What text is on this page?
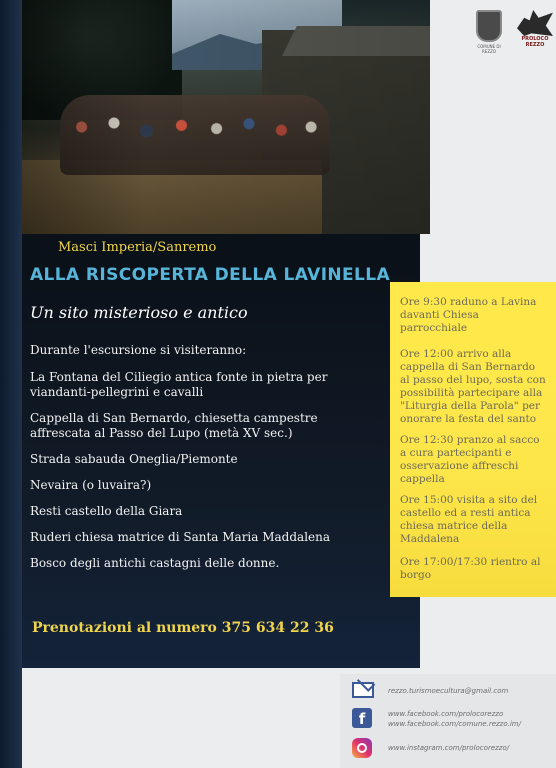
COMUNE DI REZZO
PROLOCO
REZZO
Masci Imperia/Sanremo
ALLA RISCOPERTA DELLA LAVINELLA
Un sito misterioso e antico
Durante l'escursione si visiteranno:
La Fontana del Ciliegio antica fonte in pietra per viandanti-pellegrini e cavalli
Cappella di San Bernardo, chiesetta campestre affrescata al Passo del Lupo (metà XV sec.)
Strada sabauda Oneglia/Piemonte
Nevaira (o luvaira?)
Resti castello della Giara
Ruderi chiesa matrice di Santa Maria Maddalena
Bosco degli antichi castagni delle donne.
Prenotazioni al numero 375 634 22 36
Ore 9:30 raduno a Lavina davanti Chiesa parrocchiale
Ore 12:00 arrivo alla cappella di San Bernardo al passo del lupo, sosta con possibilità partecipare alla "Liturgia della Parola" per onorare la festa del santo
Ore 12:30 pranzo al sacco a cura partecipanti e osservazione affreschi cappella
Ore 15:00 visita a sito del castello ed a resti antica chiesa matrice della Maddalena
Ore 17:00/17:30 rientro al borgo
rezzo.turismoecultura@gmail.com
f	www.facebook.com/prolocorezzo
www.facebook.com/comune.rezzo.im/
www.instagram.com/prolocorezzo/
